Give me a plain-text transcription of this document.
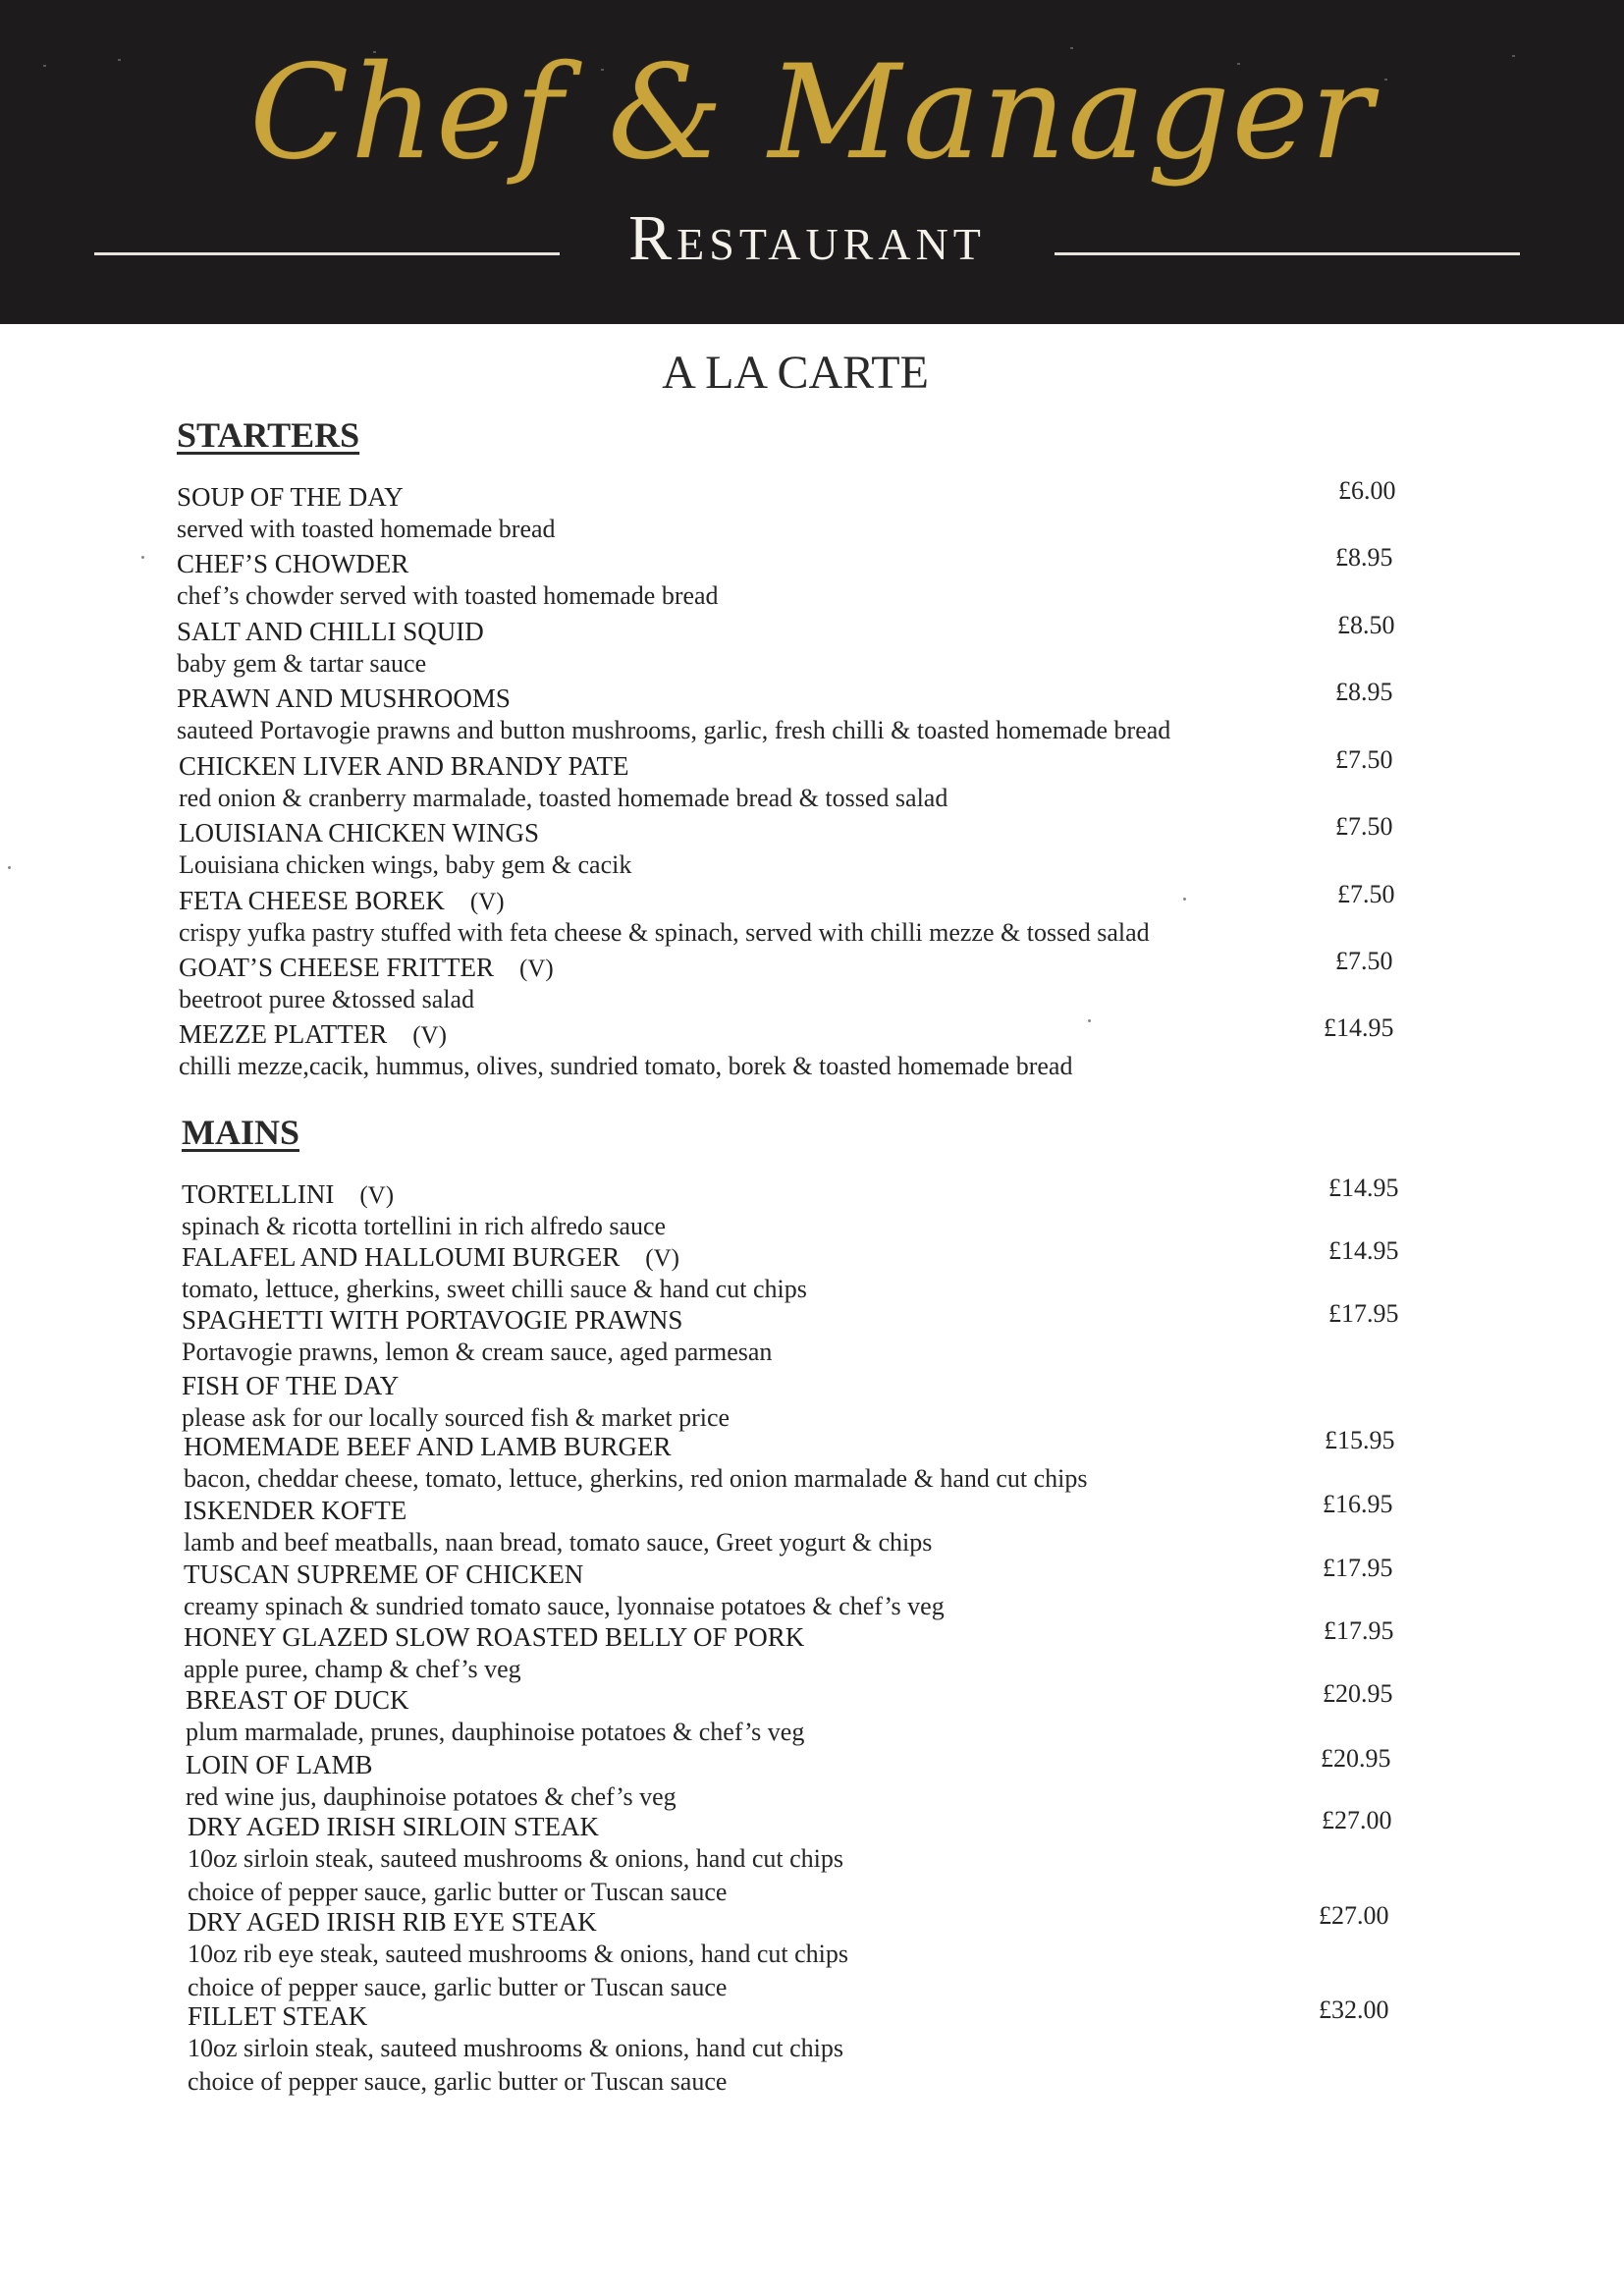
Chef & Manager
Restaurant
A LA CARTE
STARTERS
SOUP OF THE DAY
served with toasted homemade bread
£6.00
CHEF’S CHOWDER
chef’s chowder served with toasted homemade bread
£8.95
SALT AND CHILLI SQUID
baby gem & tartar sauce
£8.50
PRAWN AND MUSHROOMS
sauteed Portavogie prawns and button mushrooms, garlic, fresh chilli & toasted homemade bread
£8.95
CHICKEN LIVER AND BRANDY PATE
red onion & cranberry marmalade, toasted homemade bread & tossed salad
£7.50
LOUISIANA CHICKEN WINGS
Louisiana chicken wings, baby gem & cacik
£7.50
FETA CHEESE BOREK (V)
crispy yufka pastry stuffed with feta cheese & spinach, served with chilli mezze & tossed salad
£7.50
GOAT’S CHEESE FRITTER (V)
beetroot puree &tossed salad
£7.50
MEZZE PLATTER (V)
chilli mezze,cacik, hummus, olives, sundried tomato, borek & toasted homemade bread
£14.95
MAINS
TORTELLINI (V)
spinach & ricotta tortellini in rich alfredo sauce
£14.95
FALAFEL AND HALLOUMI BURGER (V)
tomato, lettuce, gherkins, sweet chilli sauce & hand cut chips
£14.95
SPAGHETTI WITH PORTAVOGIE PRAWNS
Portavogie prawns, lemon & cream sauce, aged parmesan
£17.95
FISH OF THE DAY
please ask for our locally sourced fish & market price
HOMEMADE BEEF AND LAMB BURGER
bacon, cheddar cheese, tomato, lettuce, gherkins, red onion marmalade & hand cut chips
£15.95
ISKENDER KOFTE
lamb and beef meatballs, naan bread, tomato sauce, Greet yogurt & chips
£16.95
TUSCAN SUPREME OF CHICKEN
creamy spinach & sundried tomato sauce, lyonnaise potatoes & chef’s veg
£17.95
HONEY GLAZED SLOW ROASTED BELLY OF PORK
apple puree, champ & chef’s veg
£17.95
BREAST OF DUCK
plum marmalade, prunes, dauphinoise potatoes & chef’s veg
£20.95
LOIN OF LAMB
red wine jus, dauphinoise potatoes & chef’s veg
£20.95
DRY AGED IRISH SIRLOIN STEAK
10oz sirloin steak, sauteed mushrooms & onions, hand cut chips
choice of pepper sauce, garlic butter or Tuscan sauce
£27.00
DRY AGED IRISH RIB EYE STEAK
10oz rib eye steak, sauteed mushrooms & onions, hand cut chips
choice of pepper sauce, garlic butter or Tuscan sauce
£27.00
FILLET STEAK
10oz sirloin steak, sauteed mushrooms & onions, hand cut chips
choice of pepper sauce, garlic butter or Tuscan sauce
£32.00
